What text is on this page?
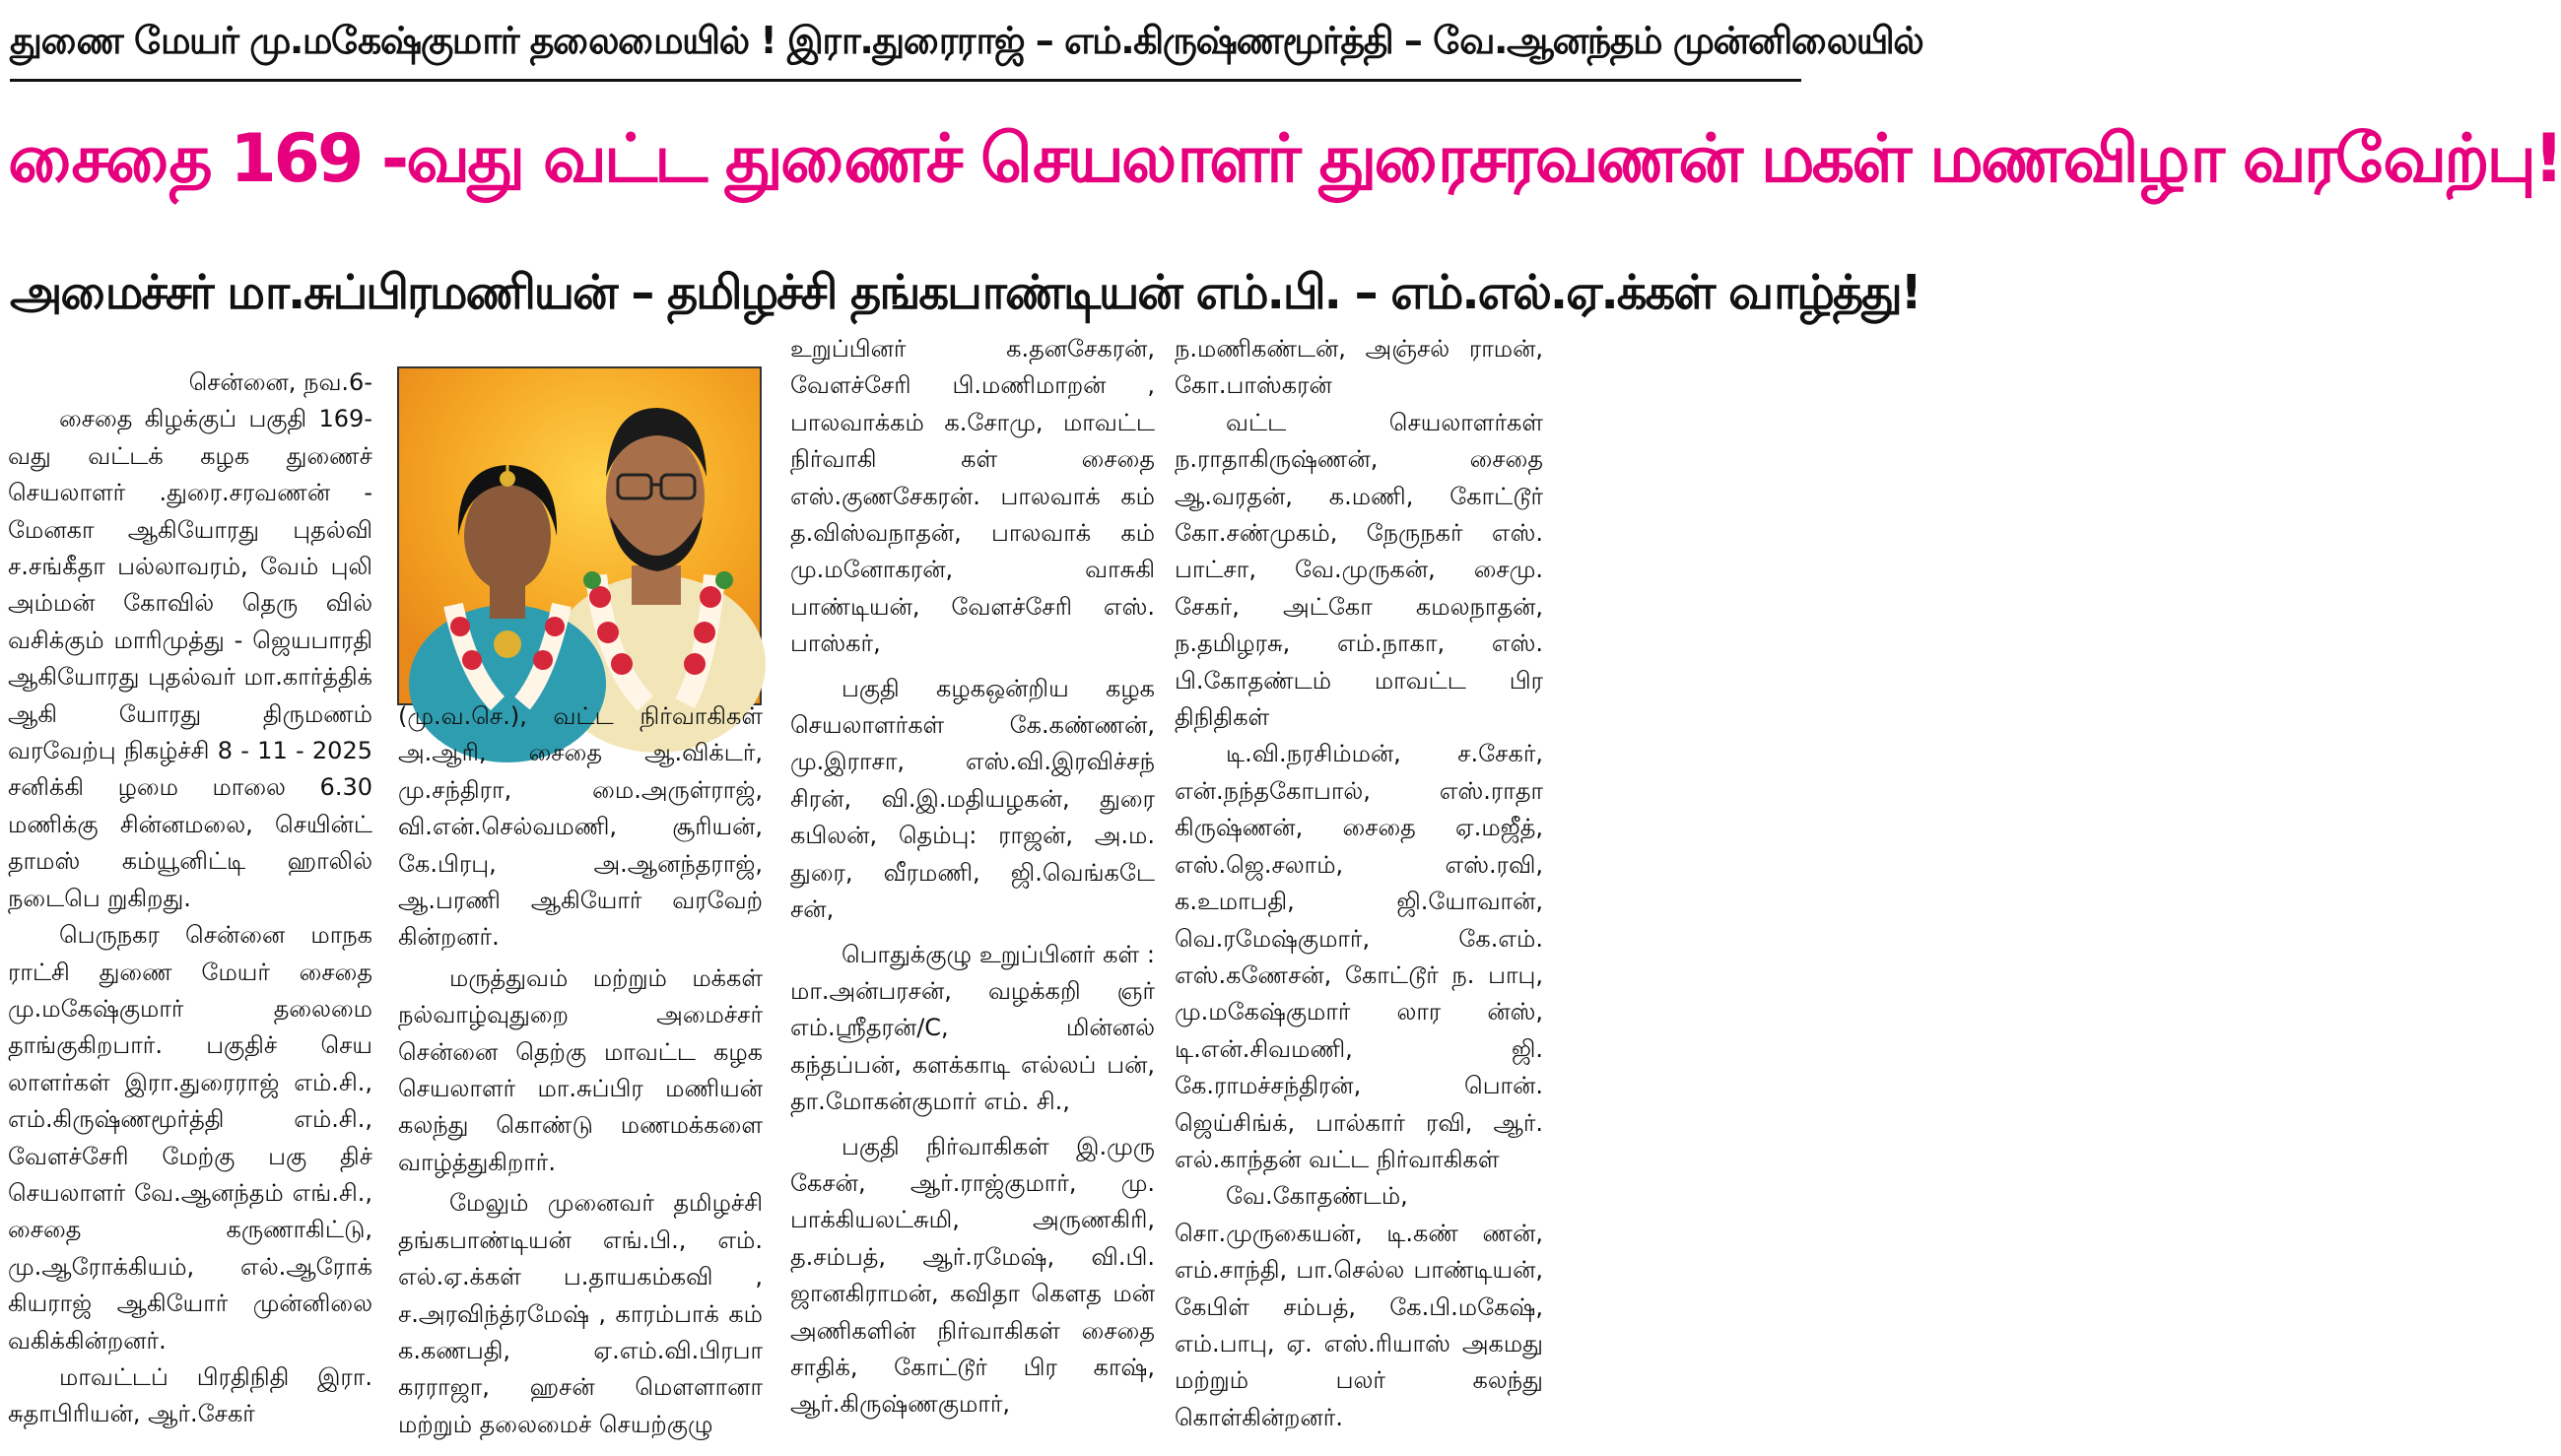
துணை மேயர் மு.மகேஷ்குமார் தலைமையில் ! இரா.துரைராஜ் – எம்.கிருஷ்ணமூர்த்தி – வே.ஆனந்தம் முன்னிலையில்
சைதை 169 -வது வட்ட துணைச் செயலாளர் துரைசரவணன் மகள் மணவிழா வரவேற்பு!
அமைச்சர் மா.சுப்பிரமணியன் – தமிழச்சி தங்கபாண்டியன் எம்.பி. – எம்.எல்.ஏ.க்கள் வாழ்த்து!

சென்னை, நவ.6-

சைதை கிழக்குப் பகுதி 169-வது வட்டக் கழக துணைச் செயலாளர் .துரை.சரவணன் - மேனகா ஆகியோரது புதல்வி ச.சங்கீதா பல்லாவரம், வேம் புலி அம்மன் கோவில் தெரு வில் வசிக்கும் மாரிமுத்து - ஜெயபாரதி ஆகியோரது புதல்வர் மா.கார்த்திக் ஆகி யோரது திருமணம் வரவேற்பு நிகழ்ச்சி 8 - 11 - 2025 சனிக்கி ழமை மாலை 6.30 மணிக்கு சின்னமலை, செயின்ட் தாமஸ் கம்யூனிட்டி ஹாலில் நடைபெ றுகிறது.

பெருநகர சென்னை மாநக ராட்சி துணை மேயர் சைதை மு.மகேஷ்குமார் தலைமை தாங்குகிறபார். பகுதிச் செய லாளர்கள் இரா.துரைராஜ் எம்.சி., எம்.கிருஷ்ணமூர்த்தி எம்.சி., வேளச்சேரி மேற்கு பகு திச் செயலாளர் வே.ஆனந்தம் எங்.சி., சைதை கருணாகிட்டு, மு.ஆரோக்கியம், எல்.ஆரோக் கியராஜ் ஆகியோர் முன்னிலை வகிக்கின்றனர்.

மாவட்டப் பிரதிநிதி இரா. சுதாபிரியன், ஆர்.சேகர்

(மு.வ.செ.), வட்ட நிர்வாகிகள் அ.ஆரி, சைதை ஆ.விக்டர், மு.சந்திரா, மை.அருள்ராஜ், வி.என்.செல்வமணி, சூரியன், கே.பிரபு, அ.ஆனந்தராஜ், ஆ.பரணி ஆகியோர் வரவேற் கின்றனர்.

மருத்துவம் மற்றும் மக்கள் நல்வாழ்வுதுறை அமைச்சர் சென்னை தெற்கு மாவட்ட கழக செயலாளர் மா.சுப்பிர மணியன் கலந்து கொண்டு மணமக்களை வாழ்த்துகிறார்.

மேலும் முனைவர் தமிழச்சி தங்கபாண்டியன் எங்.பி., எம். எல்.ஏ.க்கள் ப.தாயகம்கவி , ச.அரவிந்த்ரமேஷ் , காரம்பாக் கம் க.கணபதி, ஏ.எம்.வி.பிரபா கரராஜா, ஹசன் மௌளானா மற்றும் தலைமைச் செயற்குழு

உறுப்பினர் க.தனசேகரன், வேளச்சேரி பி.மணிமாறன் , பாலவாக்கம் க.சோமு, மாவட்ட நிர்வாகி கள் சைதை எஸ்.குணசேகரன். பாலவாக் கம் த.விஸ்வநாதன், பாலவாக் கம் மு.மனோகரன், வாசுகி பாண்டியன், வேளச்சேரி எஸ். பாஸ்கர்,

பகுதி கழகஒன்றிய கழக செயலாளர்கள் கே.கண்ணன், மு.இராசா, எஸ்.வி.இரவிச்சந் சிரன், வி.இ.மதியழகன், துரை கபிலன், தெம்பு: ராஜன், அ.ம. துரை, வீரமணி, ஜி.வெங்கடே சன்,

பொதுக்குழு உறுப்பினர் கள் : மா.அன்பரசன், வழக்கறி ஞர் எம்.ஸ்ரீதரன்/C, மின்னல் கந்தப்பன், களக்காடி எல்லப் பன், தா.மோகன்குமார் எம். சி.,

பகுதி நிர்வாகிகள் இ.முரு கேசன், ஆர்.ராஜ்குமார், மு. பாக்கியலட்சுமி, அருணகிரி, த.சம்பத், ஆர்.ரமேஷ், வி.பி. ஜானகிராமன், கவிதா கௌத மன் அணிகளின் நிர்வாகிகள் சைதை சாதிக், கோட்டூர் பிர காஷ், ஆர்.கிருஷ்ணகுமார்,

ந.மணிகண்டன், அஞ்சல் ராமன், கோ.பாஸ்கரன்

வட்ட செயலாளர்கள் ந.ராதாகிருஷ்ணன், சைதை ஆ.வரதன், க.மணி, கோட்டூர் கோ.சண்முகம், நேருநகர் எஸ். பாட்சா, வே.முருகன், சைமு. சேகர், அட்கோ கமலநாதன், ந.தமிழரசு, எம்.நாகா, எஸ். பி.கோதண்டம் மாவட்ட பிர திநிதிகள்

டி.வி.நரசிம்மன், ச.சேகர், என்.நந்தகோபால், எஸ்.ராதா கிருஷ்ணன், சைதை ஏ.மஜீத், எஸ்.ஜெ.சலாம், எஸ்.ரவி, க.உமாபதி, ஜி.யோவான், வெ.ரமேஷ்குமார், கே.எம். எஸ்.கணேசன், கோட்டூர் ந. பாபு, மு.மகேஷ்குமார் லார ன்ஸ், டி.என்.சிவமணி, ஜி. கே.ராமச்சந்திரன், பொன். ஜெய்சிங்க், பால்கார் ரவி, ஆர். எல்.காந்தன் வட்ட நிர்வாகிகள்

வே.கோதண்டம், சொ.முருகையன், டி.கண் ணன், எம்.சாந்தி, பா.செல்ல பாண்டியன், கேபிள் சம்பத், கே.பி.மகேஷ், எம்.பாபு, ஏ. எஸ்.ரியாஸ் அகமது மற்றும் பலர் கலந்து கொள்கின்றனர்.
